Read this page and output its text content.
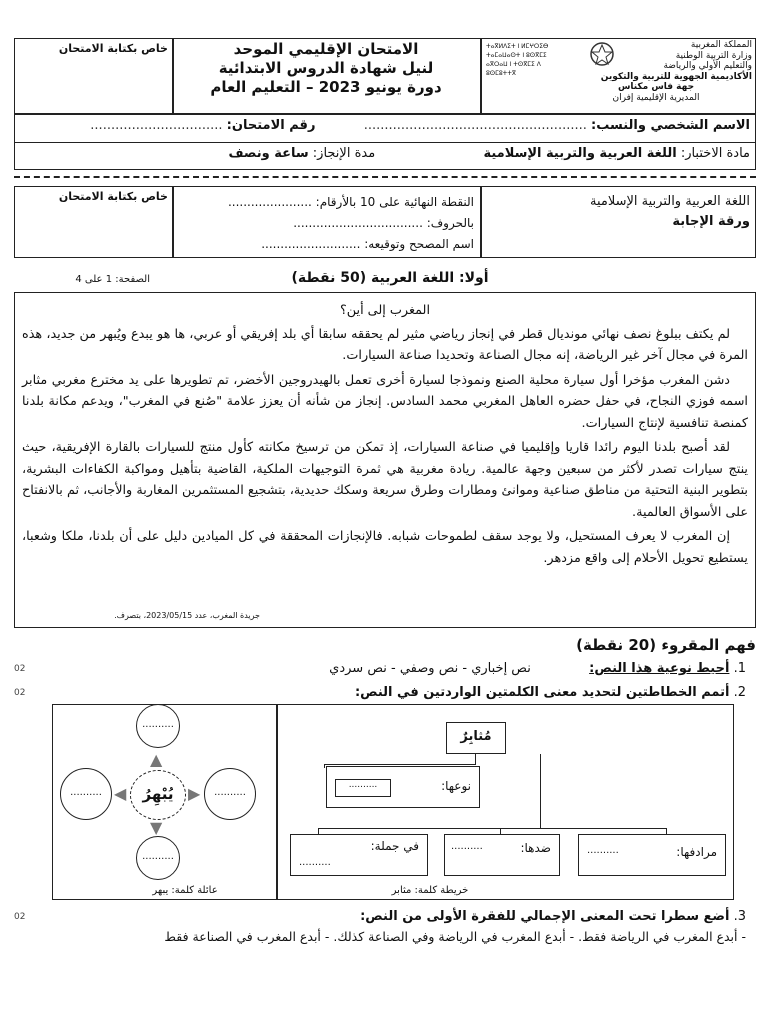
خاص بكتابة الامتحان	الامتحان الإقليمي الموحد
لنيل شهادة الدروس الابتدائية
دورة يونيو 2023 – التعليم العام
ⵜⴰⴳⵍⴷⵉⵜ ⵏ ⵍⵎⵖⵔⵉⴱ
ⵜⴰⵎⴰⵡⴰⵙⵜ ⵏ ⵓⵙⴳⵎⵉ
ⴰⴳⵔⴰⵡ ⵏ ⵜⵙⴳⵎⵉ ⴷ ⵓⵙⵎⵓⵜⵜⴳ
المملكة المغربية
وزارة التربية الوطنية
والتعليم الأولي والرياضة
الأكاديمية الجهوية للتربية والتكوين
جهة فاس مكناس
المديرية الإقليمية إفران
الاسم الشخصي والنسب: ......................................................  رقم الامتحان: ................................
مادة الاختبار: اللغة العربية والتربية الإسلامية  مدة الإنجاز: ساعة ونصف
خاص بكتابة الامتحان	النقطة النهائية على 10 بالأرقام: ......................
بالحروف: ..................................
اسم المصحح وتوقيعه: ..........................
اللغة العربية والتربية الإسلامية
ورقة الإجابة
أولا: اللغة العربية (50 نقطة)
الصفحة: 1 على 4
المغرب إلى أين؟
لم يكتف ببلوغ نصف نهائي مونديال قطر في إنجاز رياضي مثير لم يحققه سابقا أي بلد إفريقي أو عربي، ها هو يبدع ويُبهر من جديد، هذه المرة في مجال آخر غير الرياضة، إنه مجال الصناعة وتحديدا صناعة السيارات.
دشن المغرب مؤخرا أول سيارة محلية الصنع ونموذجا لسيارة أخرى تعمل بالهيدروجين الأخضر، تم تطويرها على يد مخترع مغربي مثابر اسمه فوزي النجاح، في حفل حضره العاهل المغربي محمد السادس. إنجاز من شأنه أن يعزز علامة "صُنع في المغرب"، ويدعم مكانة بلدنا كمنصة تنافسية لإنتاج السيارات.
لقد أصبح بلدنا اليوم رائدا قاريا وإقليميا في صناعة السيارات، إذ تمكن من ترسيخ مكانته كأول منتج للسيارات بالقارة الإفريقية، حيث ينتج سيارات تصدر لأكثر من سبعين وجهة عالمية. ريادة مغربية هي ثمرة التوجيهات الملكية، القاضية بتأهيل ومواكبة الكفاءات البشرية، بتطوير البنية التحتية من مناطق صناعية وموانئ ومطارات وطرق سريعة وسكك حديدية، بتشجيع المستثمرين المغاربة والأجانب، ثم بالانفتاح على الأسواق العالمية.
إن المغرب لا يعرف المستحيل، ولا يوجد سقف لطموحات شبابه. فالإنجازات المحققة في كل الميادين دليل على أن بلدنا، ملكا وشعبا، يستطيع تحويل الأحلام إلى واقع مزدهر.
جريدة المغرب، عدد 2023/05/15، بتصرف.
فهم المقروء (20 نقطة)
02	1. أحيط نوعية هذا النص:  نص إخباري - نص وصفي - نص سردي
02	2. أتمم الخطاطتين لتحديد معنى الكلمتين الواردتين في النص:
..........
..........	..........
..........
يُبْهِرُ
▲
◀	▶
▼
عائلة كلمة: يبهر
مُثابِرٌ
..........	نوعها:
في جملة:
..........
ضدها:
..........	مرادفها:
..........
خريطة كلمة: مثابر
02	3. أضع سطرا تحت المعنى الإجمالي للفقرة الأولى من النص:
- أبدع المغرب في الرياضة فقط. - أبدع المغرب في الرياضة وفي الصناعة كذلك. - أبدع المغرب في الصناعة فقط
